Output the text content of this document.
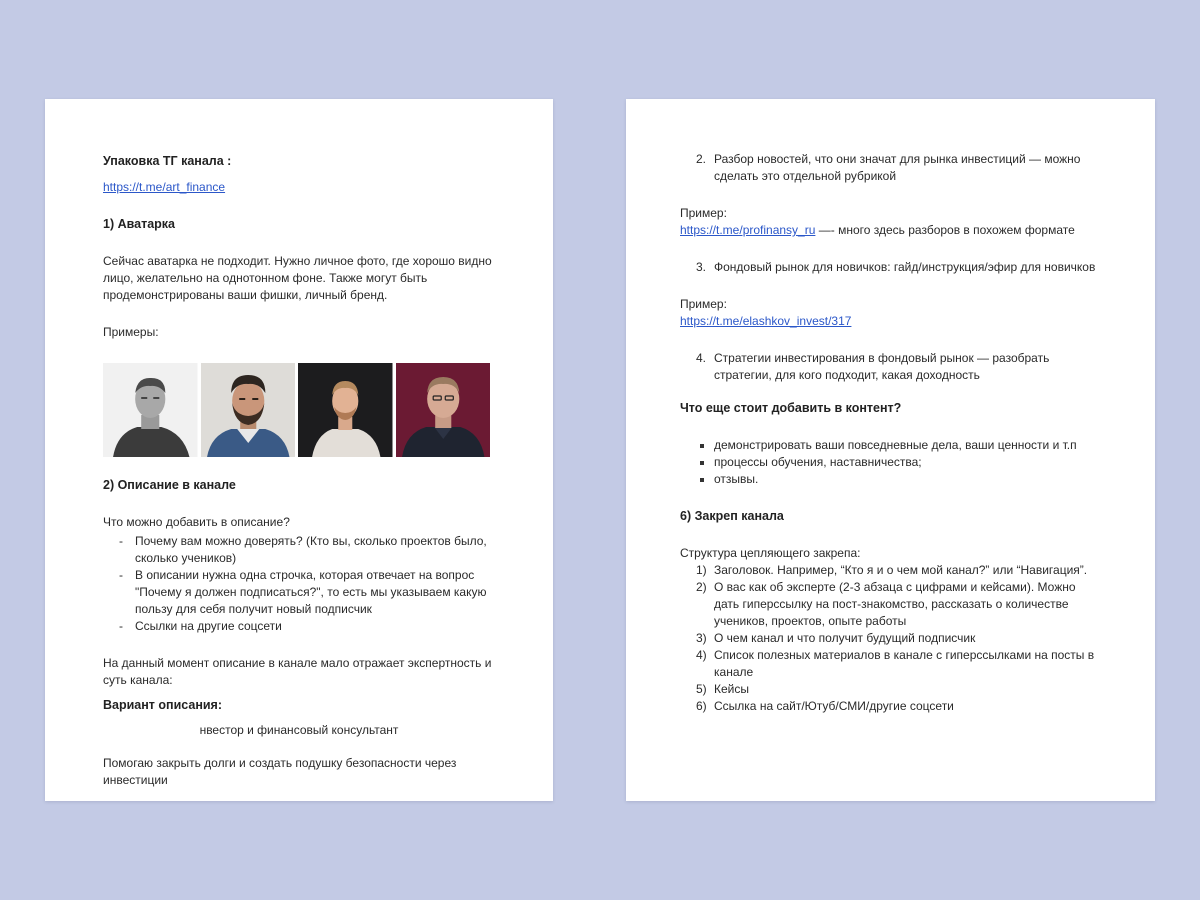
Упаковка ТГ канала :

https://t.me/art_finance

1) Аватарка

Сейчас аватарка не подходит. Нужно личное фото, где хорошо видно лицо, желательно на однотонном фоне. Также могут быть продемонстрированы ваши фишки, личный бренд.

Примеры:

2) Описание в канале

Что можно добавить в описание?

- Почему вам можно доверять? (Кто вы, сколько проектов было, сколько учеников)
- В описании нужна одна строчка, которая отвечает на вопрос "Почему я должен подписаться?", то есть мы указываем какую пользу для себя получит новый подписчик
- Ссылки на другие соцсети

На данный момент описание в канале мало отражает экспертность и суть канала:

Вариант описания:

нвестор и финансовый консультант

Помогаю закрыть долги и создать подушку безопасности через инвестиции

2. Разбор новостей, что они значат для рынка инвестиций — можно сделать это отдельной рубрикой

Пример:

https://t.me/profinansy_ru —- много здесь разборов в похожем формате

3. Фондовый рынок для новичков: гайд/инструкция/эфир для новичков

Пример:

https://t.me/elashkov_invest/317

4. Стратегии инвестирования в фондовый рынок — разобрать стратегии, для кого подходит, какая доходность

Что еще стоит добавить в контент?

демонстрировать ваши повседневные дела, ваши ценности и т.п
процессы обучения, наставничества;
отзывы.

6) Закреп канала

Структура цепляющего закрепа:

1) Заголовок. Например, “Кто я и о чем мой канал?” или “Навигация”.

2) О вас как об эксперте (2-3 абзаца с цифрами и кейсами). Можно дать гиперссылку на пост-знакомство, рассказать о количестве учеников, проектов, опыте работы

3) О чем канал и что получит будущий подписчик

4) Список полезных материалов в канале с гиперссылками на посты в канале

5) Кейсы

6) Ссылка на сайт/Ютуб/СМИ/другие соцсети
